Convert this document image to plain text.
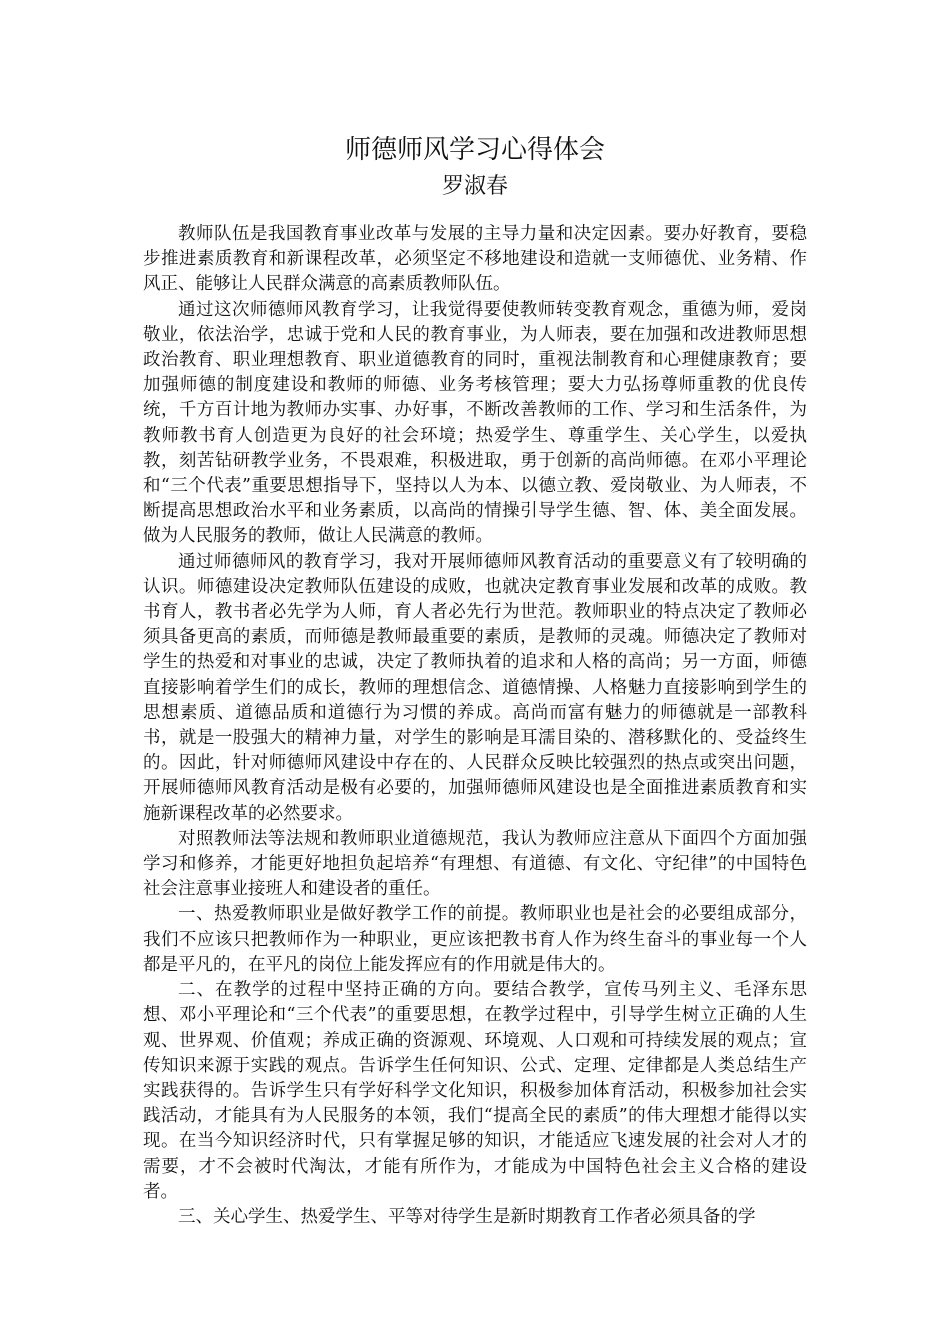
师德师风学习心得体会
罗淑春

教师队伍是我国教育事业改革与发展的主导力量和决定因素。要办好教育，要稳步推进素质教育和新课程改革，必须坚定不移地建设和造就一支师德优、业务精、作风正、能够让人民群众满意的高素质教师队伍。

通过这次师德师风教育学习，让我觉得要使教师转变教育观念，重德为师，爱岗敬业，依法治学，忠诚于党和人民的教育事业，为人师表，要在加强和改进教师思想政治教育、职业理想教育、职业道德教育的同时，重视法制教育和心理健康教育；要加强师德的制度建设和教师的师德、业务考核管理；要大力弘扬尊师重教的优良传统，千方百计地为教师办实事、办好事，不断改善教师的工作、学习和生活条件，为教师教书育人创造更为良好的社会环境；热爱学生、尊重学生、关心学生，以爱执教，刻苦钻研教学业务，不畏艰难，积极进取，勇于创新的高尚师德。在邓小平理论和“三个代表”重要思想指导下，坚持以人为本、以德立教、爱岗敬业、为人师表，不断提高思想政治水平和业务素质，以高尚的情操引导学生德、智、体、美全面发展。做为人民服务的教师，做让人民满意的教师。

通过师德师风的教育学习，我对开展师德师风教育活动的重要意义有了较明确的认识。师德建设决定教师队伍建设的成败，也就决定教育事业发展和改革的成败。教书育人，教书者必先学为人师，育人者必先行为世范。教师职业的特点决定了教师必须具备更高的素质，而师德是教师最重要的素质，是教师的灵魂。师德决定了教师对学生的热爱和对事业的忠诚，决定了教师执着的追求和人格的高尚；另一方面，师德直接影响着学生们的成长，教师的理想信念、道德情操、人格魅力直接影响到学生的思想素质、道德品质和道德行为习惯的养成。高尚而富有魅力的师德就是一部教科书，就是一股强大的精神力量，对学生的影响是耳濡目染的、潜移默化的、受益终生的。因此，针对师德师风建设中存在的、人民群众反映比较强烈的热点或突出问题，开展师德师风教育活动是极有必要的，加强师德师风建设也是全面推进素质教育和实施新课程改革的必然要求。

对照教师法等法规和教师职业道德规范，我认为教师应注意从下面四个方面加强学习和修养，才能更好地担负起培养“有理想、有道德、有文化、守纪律”的中国特色社会注意事业接班人和建设者的重任。

一、热爱教师职业是做好教学工作的前提。教师职业也是社会的必要组成部分，我们不应该只把教师作为一种职业，更应该把教书育人作为终生奋斗的事业每一个人都是平凡的，在平凡的岗位上能发挥应有的作用就是伟大的。

二、在教学的过程中坚持正确的方向。要结合教学，宣传马列主义、毛泽东思想、邓小平理论和“三个代表”的重要思想，在教学过程中，引导学生树立正确的人生观、世界观、价值观；养成正确的资源观、环境观、人口观和可持续发展的观点；宣传知识来源于实践的观点。告诉学生任何知识、公式、定理、定律都是人类总结生产实践获得的。告诉学生只有学好科学文化知识，积极参加体育活动，积极参加社会实践活动，才能具有为人民服务的本领，我们“提高全民的素质”的伟大理想才能得以实现。在当今知识经济时代，只有掌握足够的知识，才能适应飞速发展的社会对人才的需要，才不会被时代淘汰，才能有所作为，才能成为中国特色社会主义合格的建设者。

三、关心学生、热爱学生、平等对待学生是新时期教育工作者必须具备的学
